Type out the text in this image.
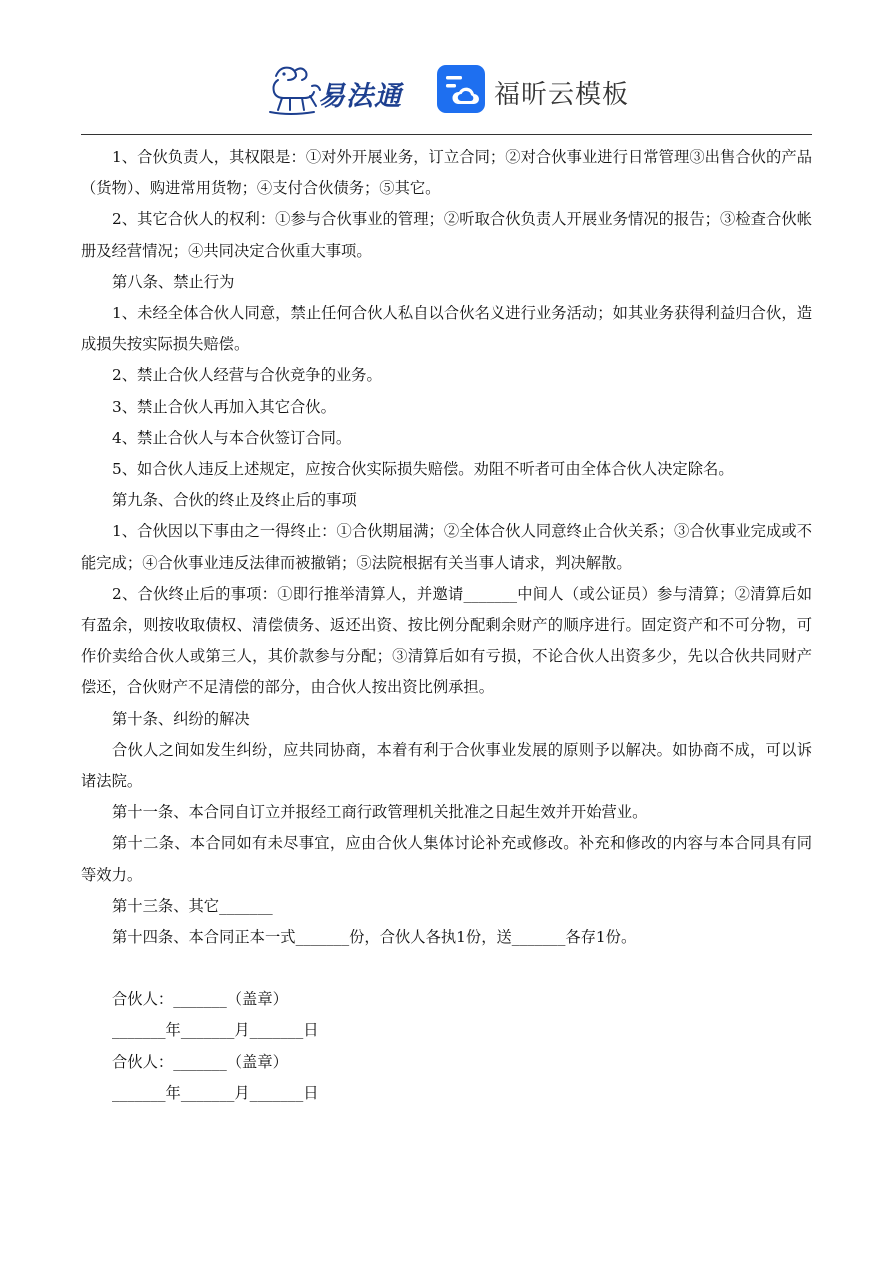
易法通	福昕云模板

1、合伙负责人，其权限是：①对外开展业务，订立合同；②对合伙事业进行日常管理③出售合伙的产品（货物）、购进常用货物；④支付合伙债务；⑤其它。

2、其它合伙人的权利：①参与合伙事业的管理；②听取合伙负责人开展业务情况的报告；③检查合伙帐册及经营情况；④共同决定合伙重大事项。

第八条、禁止行为

1、未经全体合伙人同意，禁止任何合伙人私自以合伙名义进行业务活动；如其业务获得利益归合伙，造成损失按实际损失赔偿。

2、禁止合伙人经营与合伙竞争的业务。

3、禁止合伙人再加入其它合伙。

4、禁止合伙人与本合伙签订合同。

5、如合伙人违反上述规定，应按合伙实际损失赔偿。劝阻不听者可由全体合伙人决定除名。

第九条、合伙的终止及终止后的事项

1、合伙因以下事由之一得终止：①合伙期届满；②全体合伙人同意终止合伙关系；③合伙事业完成或不能完成；④合伙事业违反法律而被撤销；⑤法院根据有关当事人请求，判决解散。

2、合伙终止后的事项：①即行推举清算人，并邀请_______中间人（或公证员）参与清算；②清算后如有盈余，则按收取债权、清偿债务、返还出资、按比例分配剩余财产的顺序进行。固定资产和不可分物，可作价卖给合伙人或第三人，其价款参与分配；③清算后如有亏损，不论合伙人出资多少，先以合伙共同财产偿还，合伙财产不足清偿的部分，由合伙人按出资比例承担。

第十条、纠纷的解决

合伙人之间如发生纠纷，应共同协商，本着有利于合伙事业发展的原则予以解决。如协商不成，可以诉诸法院。

第十一条、本合同自订立并报经工商行政管理机关批准之日起生效并开始营业。

第十二条、本合同如有未尽事宜，应由合伙人集体讨论补充或修改。补充和修改的内容与本合同具有同等效力。

第十三条、其它_______

第十四条、本合同正本一式_______份，合伙人各执1份，送_______各存1份。

合伙人：_______（盖章）

_______年_______月_______日

合伙人：_______（盖章）

_______年_______月_______日
